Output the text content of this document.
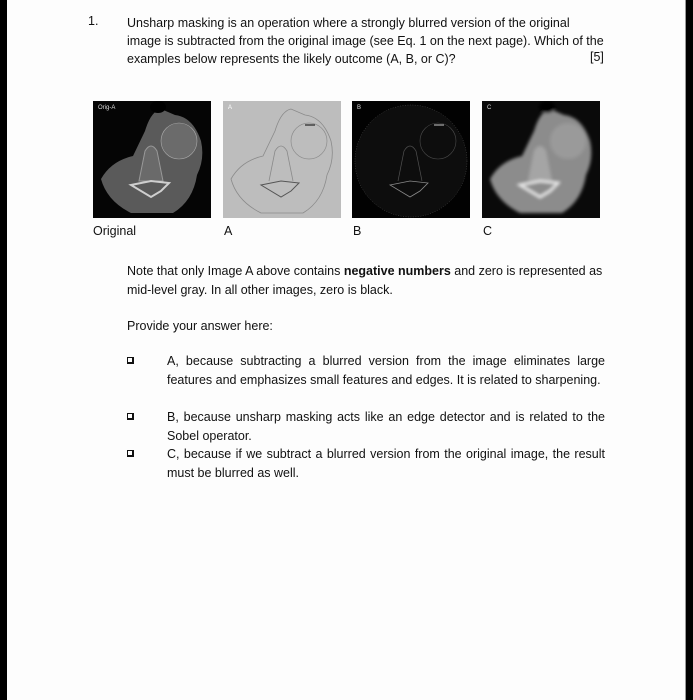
1. Unsharp masking is an operation where a strongly blurred version of the original image is subtracted from the original image (see Eq. 1 on the next page). Which of the examples below represents the likely outcome (A, B, or C)?	[5]
Orig-A	A	B	C
Original	A	B	C
Note that only Image A above contains negative numbers and zero is represented as mid-level gray. In all other images, zero is black.
Provide your answer here:
A, because subtracting a blurred version from the image eliminates large features and emphasizes small features and edges. It is related to sharpening.
B, because unsharp masking acts like an edge detector and is related to the Sobel operator.
C, because if we subtract a blurred version from the original image, the result must be blurred as well.
